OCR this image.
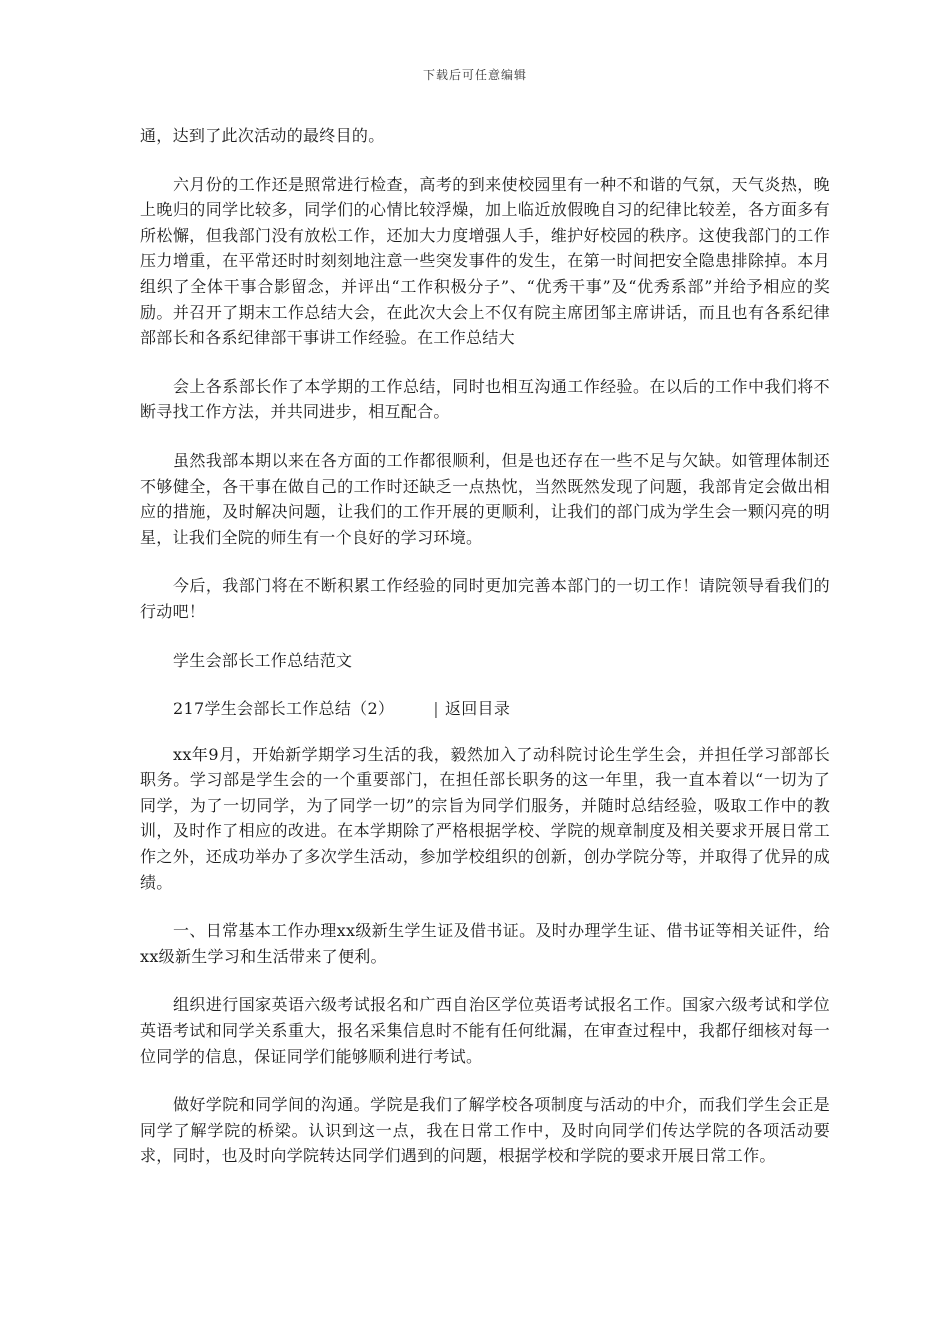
下载后可任意编辑

通，达到了此次活动的最终目的。

六月份的工作还是照常进行检查，高考的到来使校园里有一种不和谐的气氛，天气炎热，晚上晚归的同学比较多，同学们的心情比较浮燥，加上临近放假晚自习的纪律比较差，各方面多有所松懈，但我部门没有放松工作，还加大力度增强人手，维护好校园的秩序。这使我部门的工作压力增重，在平常还时时刻刻地注意一些突发事件的发生，在第一时间把安全隐患排除掉。本月组织了全体干事合影留念，并评出“工作积极分子”、“优秀干事”及“优秀系部”并给予相应的奖励。并召开了期末工作总结大会，在此次大会上不仅有院主席团邹主席讲话，而且也有各系纪律部部长和各系纪律部干事讲工作经验。在工作总结大

会上各系部长作了本学期的工作总结，同时也相互沟通工作经验。在以后的工作中我们将不断寻找工作方法，并共同进步，相互配合。

虽然我部本期以来在各方面的工作都很顺利，但是也还存在一些不足与欠缺。如管理体制还不够健全，各干事在做自己的工作时还缺乏一点热忱，当然既然发现了问题，我部肯定会做出相应的措施，及时解决问题，让我们的工作开展的更顺利，让我们的部门成为学生会一颗闪亮的明星，让我们全院的师生有一个良好的学习环境。

今后，我部门将在不断积累工作经验的同时更加完善本部门的一切工作！请院领导看我们的行动吧！

学生会部长工作总结范文

217学生会部长工作总结（2） | 返回目录

xx年9月，开始新学期学习生活的我，毅然加入了动科院讨论生学生会，并担任学习部部长职务。学习部是学生会的一个重要部门，在担任部长职务的这一年里，我一直本着以“一切为了同学，为了一切同学，为了同学一切”的宗旨为同学们服务，并随时总结经验，吸取工作中的教训，及时作了相应的改进。在本学期除了严格根据学校、学院的规章制度及相关要求开展日常工作之外，还成功举办了多次学生活动，参加学校组织的创新，创办学院分等，并取得了优异的成绩。

一、日常基本工作办理xx级新生学生证及借书证。及时办理学生证、借书证等相关证件，给xx级新生学习和生活带来了便利。

组织进行国家英语六级考试报名和广西自治区学位英语考试报名工作。国家六级考试和学位英语考试和同学关系重大，报名采集信息时不能有任何纰漏，在审查过程中，我都仔细核对每一位同学的信息，保证同学们能够顺利进行考试。

做好学院和同学间的沟通。学院是我们了解学校各项制度与活动的中介，而我们学生会正是同学了解学院的桥梁。认识到这一点，我在日常工作中，及时向同学们传达学院的各项活动要求，同时，也及时向学院转达同学们遇到的问题，根据学校和学院的要求开展日常工作。
